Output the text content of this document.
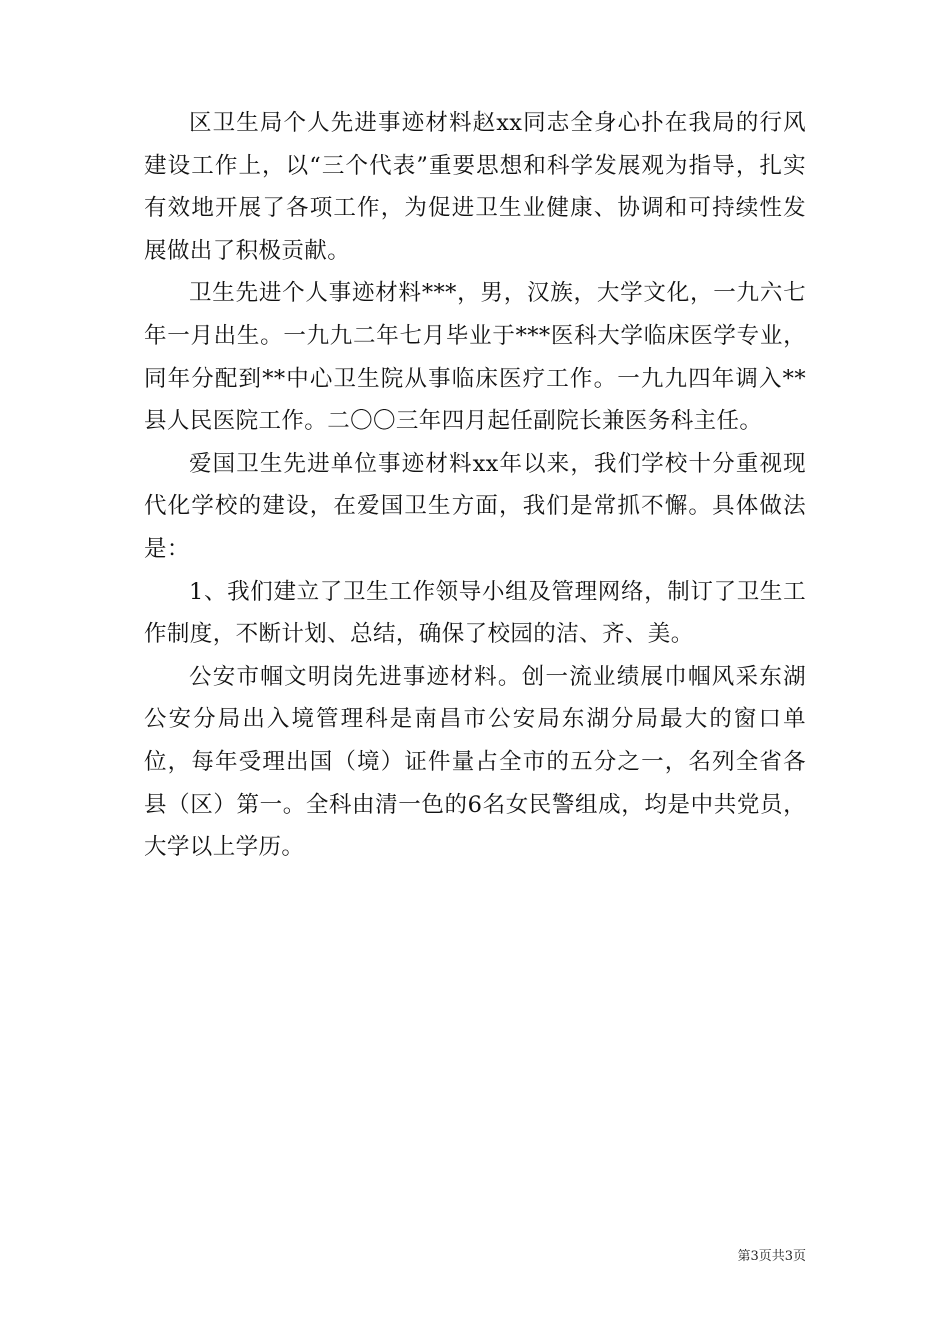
区卫生局个人先进事迹材料赵xx同志全身心扑在我局的行风建设工作上，以“三个代表”重要思想和科学发展观为指导，扎实有效地开展了各项工作，为促进卫生业健康、协调和可持续性发展做出了积极贡献。

卫生先进个人事迹材料***，男，汉族，大学文化，一九六七年一月出生。一九九二年七月毕业于***医科大学临床医学专业，同年分配到**中心卫生院从事临床医疗工作。一九九四年调入**县人民医院工作。二〇〇三年四月起任副院长兼医务科主任。

爱国卫生先进单位事迹材料xx年以来，我们学校十分重视现代化学校的建设，在爱国卫生方面，我们是常抓不懈。具体做法是：

1、我们建立了卫生工作领导小组及管理网络，制订了卫生工作制度，不断计划、总结，确保了校园的洁、齐、美。

公安市帼文明岗先进事迹材料。创一流业绩展巾帼风采东湖公安分局出入境管理科是南昌市公安局东湖分局最大的窗口单位，每年受理出国（境）证件量占全市的五分之一，名列全省各县（区）第一。全科由清一色的6名女民警组成，均是中共党员，大学以上学历。

第3页共3页
